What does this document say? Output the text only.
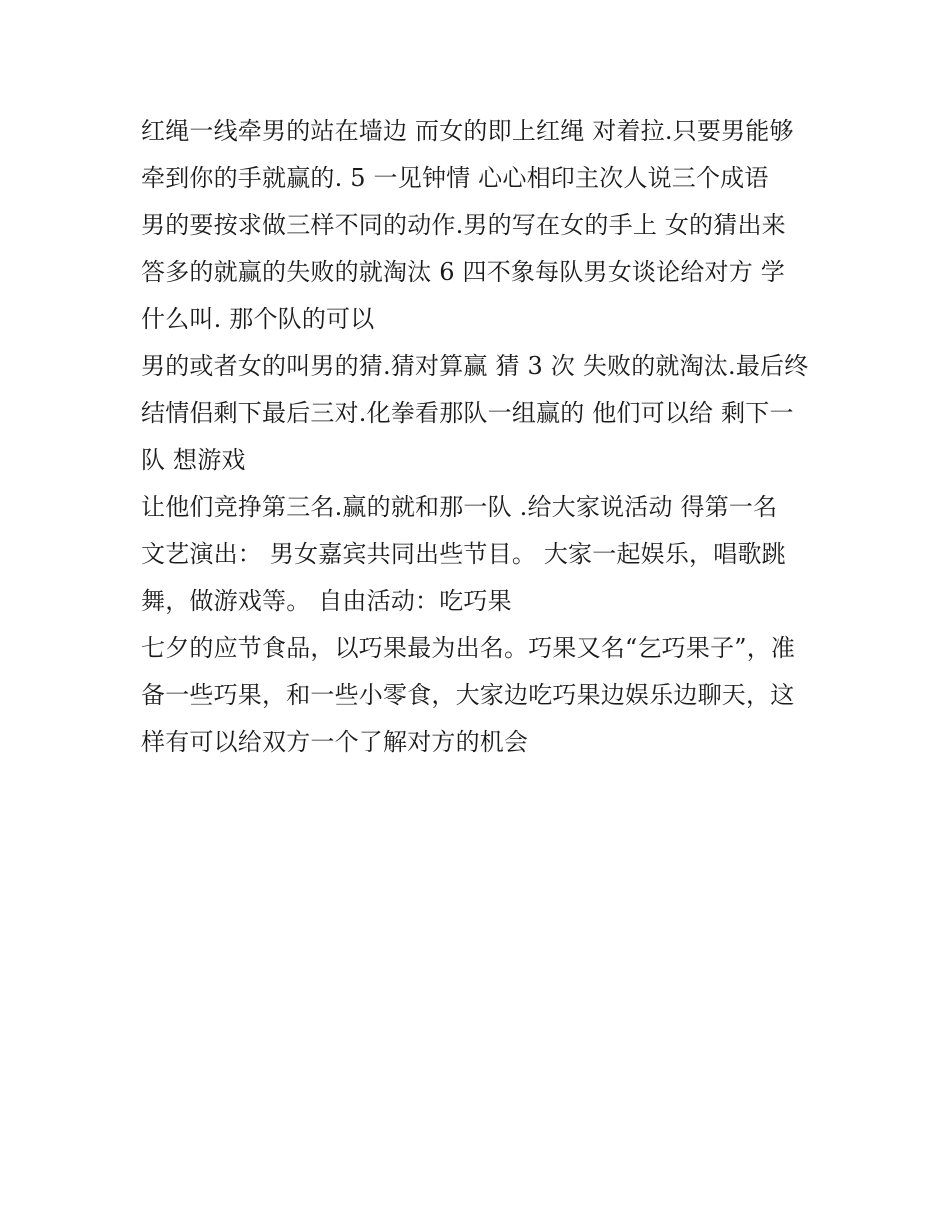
红绳一线牵男的站在墙边 而女的即上红绳 对着拉.只要男能够
牵到你的手就赢的. 5 一见钟情 心心相印主次人说三个成语
男的要按求做三样不同的动作.男的写在女的手上 女的猜出来
答多的就赢的失败的就淘汰 6 四不象每队男女谈论给对方 学
什么叫. 那个队的可以
男的或者女的叫男的猜.猜对算赢 猜 3 次 失败的就淘汰.最后终
结情侣剩下最后三对.化拳看那队一组赢的 他们可以给 剩下一
队 想游戏
让他们竞挣第三名.赢的就和那一队 .给大家说活动 得第一名
文艺演出： 男女嘉宾共同出些节目。 大家一起娱乐，唱歌跳
舞，做游戏等。 自由活动：吃巧果
七夕的应节食品，以巧果最为出名。巧果又名“乞巧果子”，准
备一些巧果，和一些小零食，大家边吃巧果边娱乐边聊天，这
样有可以给双方一个了解对方的机会
